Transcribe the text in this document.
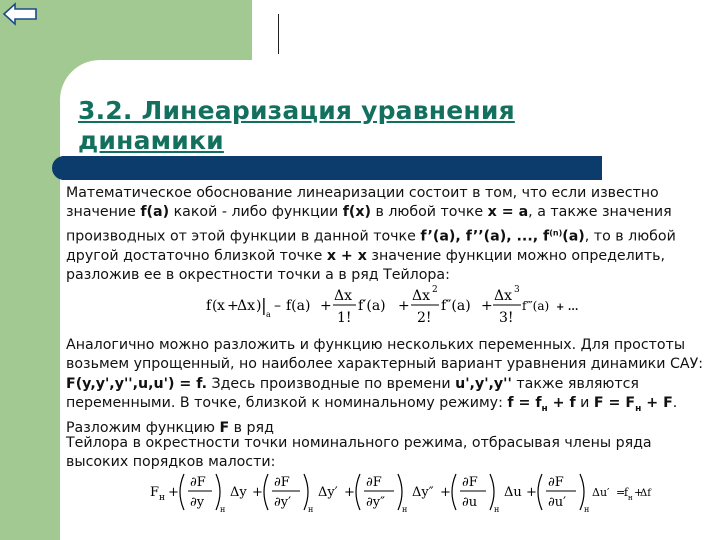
3.2. Линеаризация уравнения динамики

Математическое обоснование линеаризации состоит в том, что если известно значение f(a) какой - либо функции f(x) в любой точке x = a, а также значения производных от этой функции в данной точке f’(a), f’’(a), ..., $f^{(n)}(a)$, то в любой другой достаточно близкой точке x + x значение функции можно определить, разложив ее в окрестности точки а в ряд Тейлора:

f ( x +
Δx ) | a
– f(a) +
Δx
1!
f′(a) +
Δx 2
2!
f″(a) +
Δx 3
3!
f‴(a) + ...

Аналогично можно разложить и функцию нескольких переменных. Для простоты возьмем упрощенный, но наиболее характерный вариант уравнения динамики САУ: F(y,y',y'',u,u') = f. Здесь производные по времени u',y',y'' также являются переменными. В точке, близкой к номинальному режиму: $f = f_н + f$ и $F = F_н + F$. Разложим функцию F в ряд

Тейлора в окрестности точки номинального режима, отбрасывая члены ряда высоких порядков малости:

F н +
∂F
∂y н
Δy +
∂F
∂y′ н
Δy′ +
∂F
∂y″ н
Δy″ +
∂F
∂u н
Δu +
∂F
∂u′ н
Δu′ =
f н +
Δf
